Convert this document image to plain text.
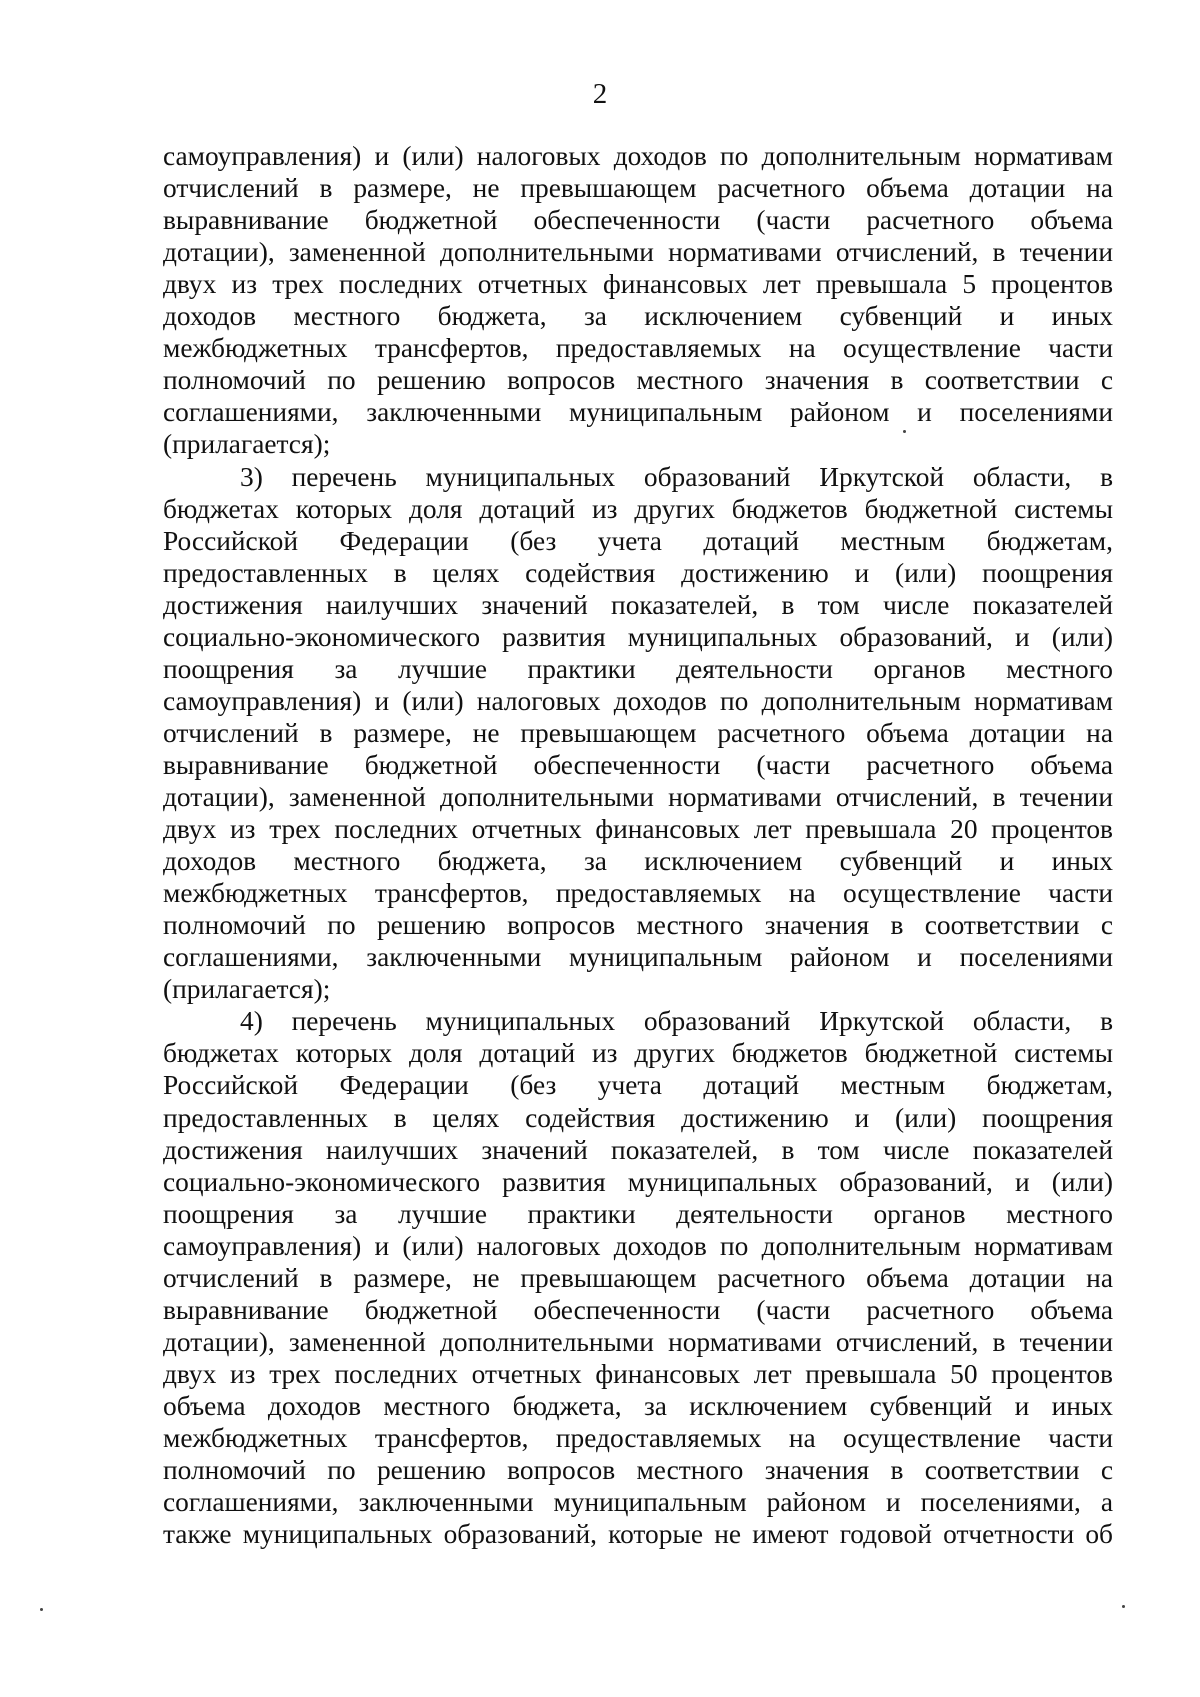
2
самоуправления) и (или) налоговых доходов по дополнительным нормативам
отчислений в размере, не превышающем расчетного объема дотации на
выравнивание бюджетной обеспеченности (части расчетного объема
дотации), замененной дополнительными нормативами отчислений, в течении
двух из трех последних отчетных финансовых лет превышала 5 процентов
доходов местного бюджета, за исключением субвенций и иных
межбюджетных трансфертов, предоставляемых на осуществление части
полномочий по решению вопросов местного значения в соответствии с
соглашениями, заключенными муниципальным районом и поселениями
(прилагается);
3) перечень муниципальных образований Иркутской области, в
бюджетах которых доля дотаций из других бюджетов бюджетной системы
Российской Федерации (без учета дотаций местным бюджетам,
предоставленных в целях содействия достижению и (или) поощрения
достижения наилучших значений показателей, в том числе показателей
социально-экономического развития муниципальных образований, и (или)
поощрения за лучшие практики деятельности органов местного
самоуправления) и (или) налоговых доходов по дополнительным нормативам
отчислений в размере, не превышающем расчетного объема дотации на
выравнивание бюджетной обеспеченности (части расчетного объема
дотации), замененной дополнительными нормативами отчислений, в течении
двух из трех последних отчетных финансовых лет превышала 20 процентов
доходов местного бюджета, за исключением субвенций и иных
межбюджетных трансфертов, предоставляемых на осуществление части
полномочий по решению вопросов местного значения в соответствии с
соглашениями, заключенными муниципальным районом и поселениями
(прилагается);
4) перечень муниципальных образований Иркутской области, в
бюджетах которых доля дотаций из других бюджетов бюджетной системы
Российской Федерации (без учета дотаций местным бюджетам,
предоставленных в целях содействия достижению и (или) поощрения
достижения наилучших значений показателей, в том числе показателей
социально-экономического развития муниципальных образований, и (или)
поощрения за лучшие практики деятельности органов местного
самоуправления) и (или) налоговых доходов по дополнительным нормативам
отчислений в размере, не превышающем расчетного объема дотации на
выравнивание бюджетной обеспеченности (части расчетного объема
дотации), замененной дополнительными нормативами отчислений, в течении
двух из трех последних отчетных финансовых лет превышала 50 процентов
объема доходов местного бюджета, за исключением субвенций и иных
межбюджетных трансфертов, предоставляемых на осуществление части
полномочий по решению вопросов местного значения в соответствии с
соглашениями, заключенными муниципальным районом и поселениями, а
также муниципальных образований, которые не имеют годовой отчетности об
